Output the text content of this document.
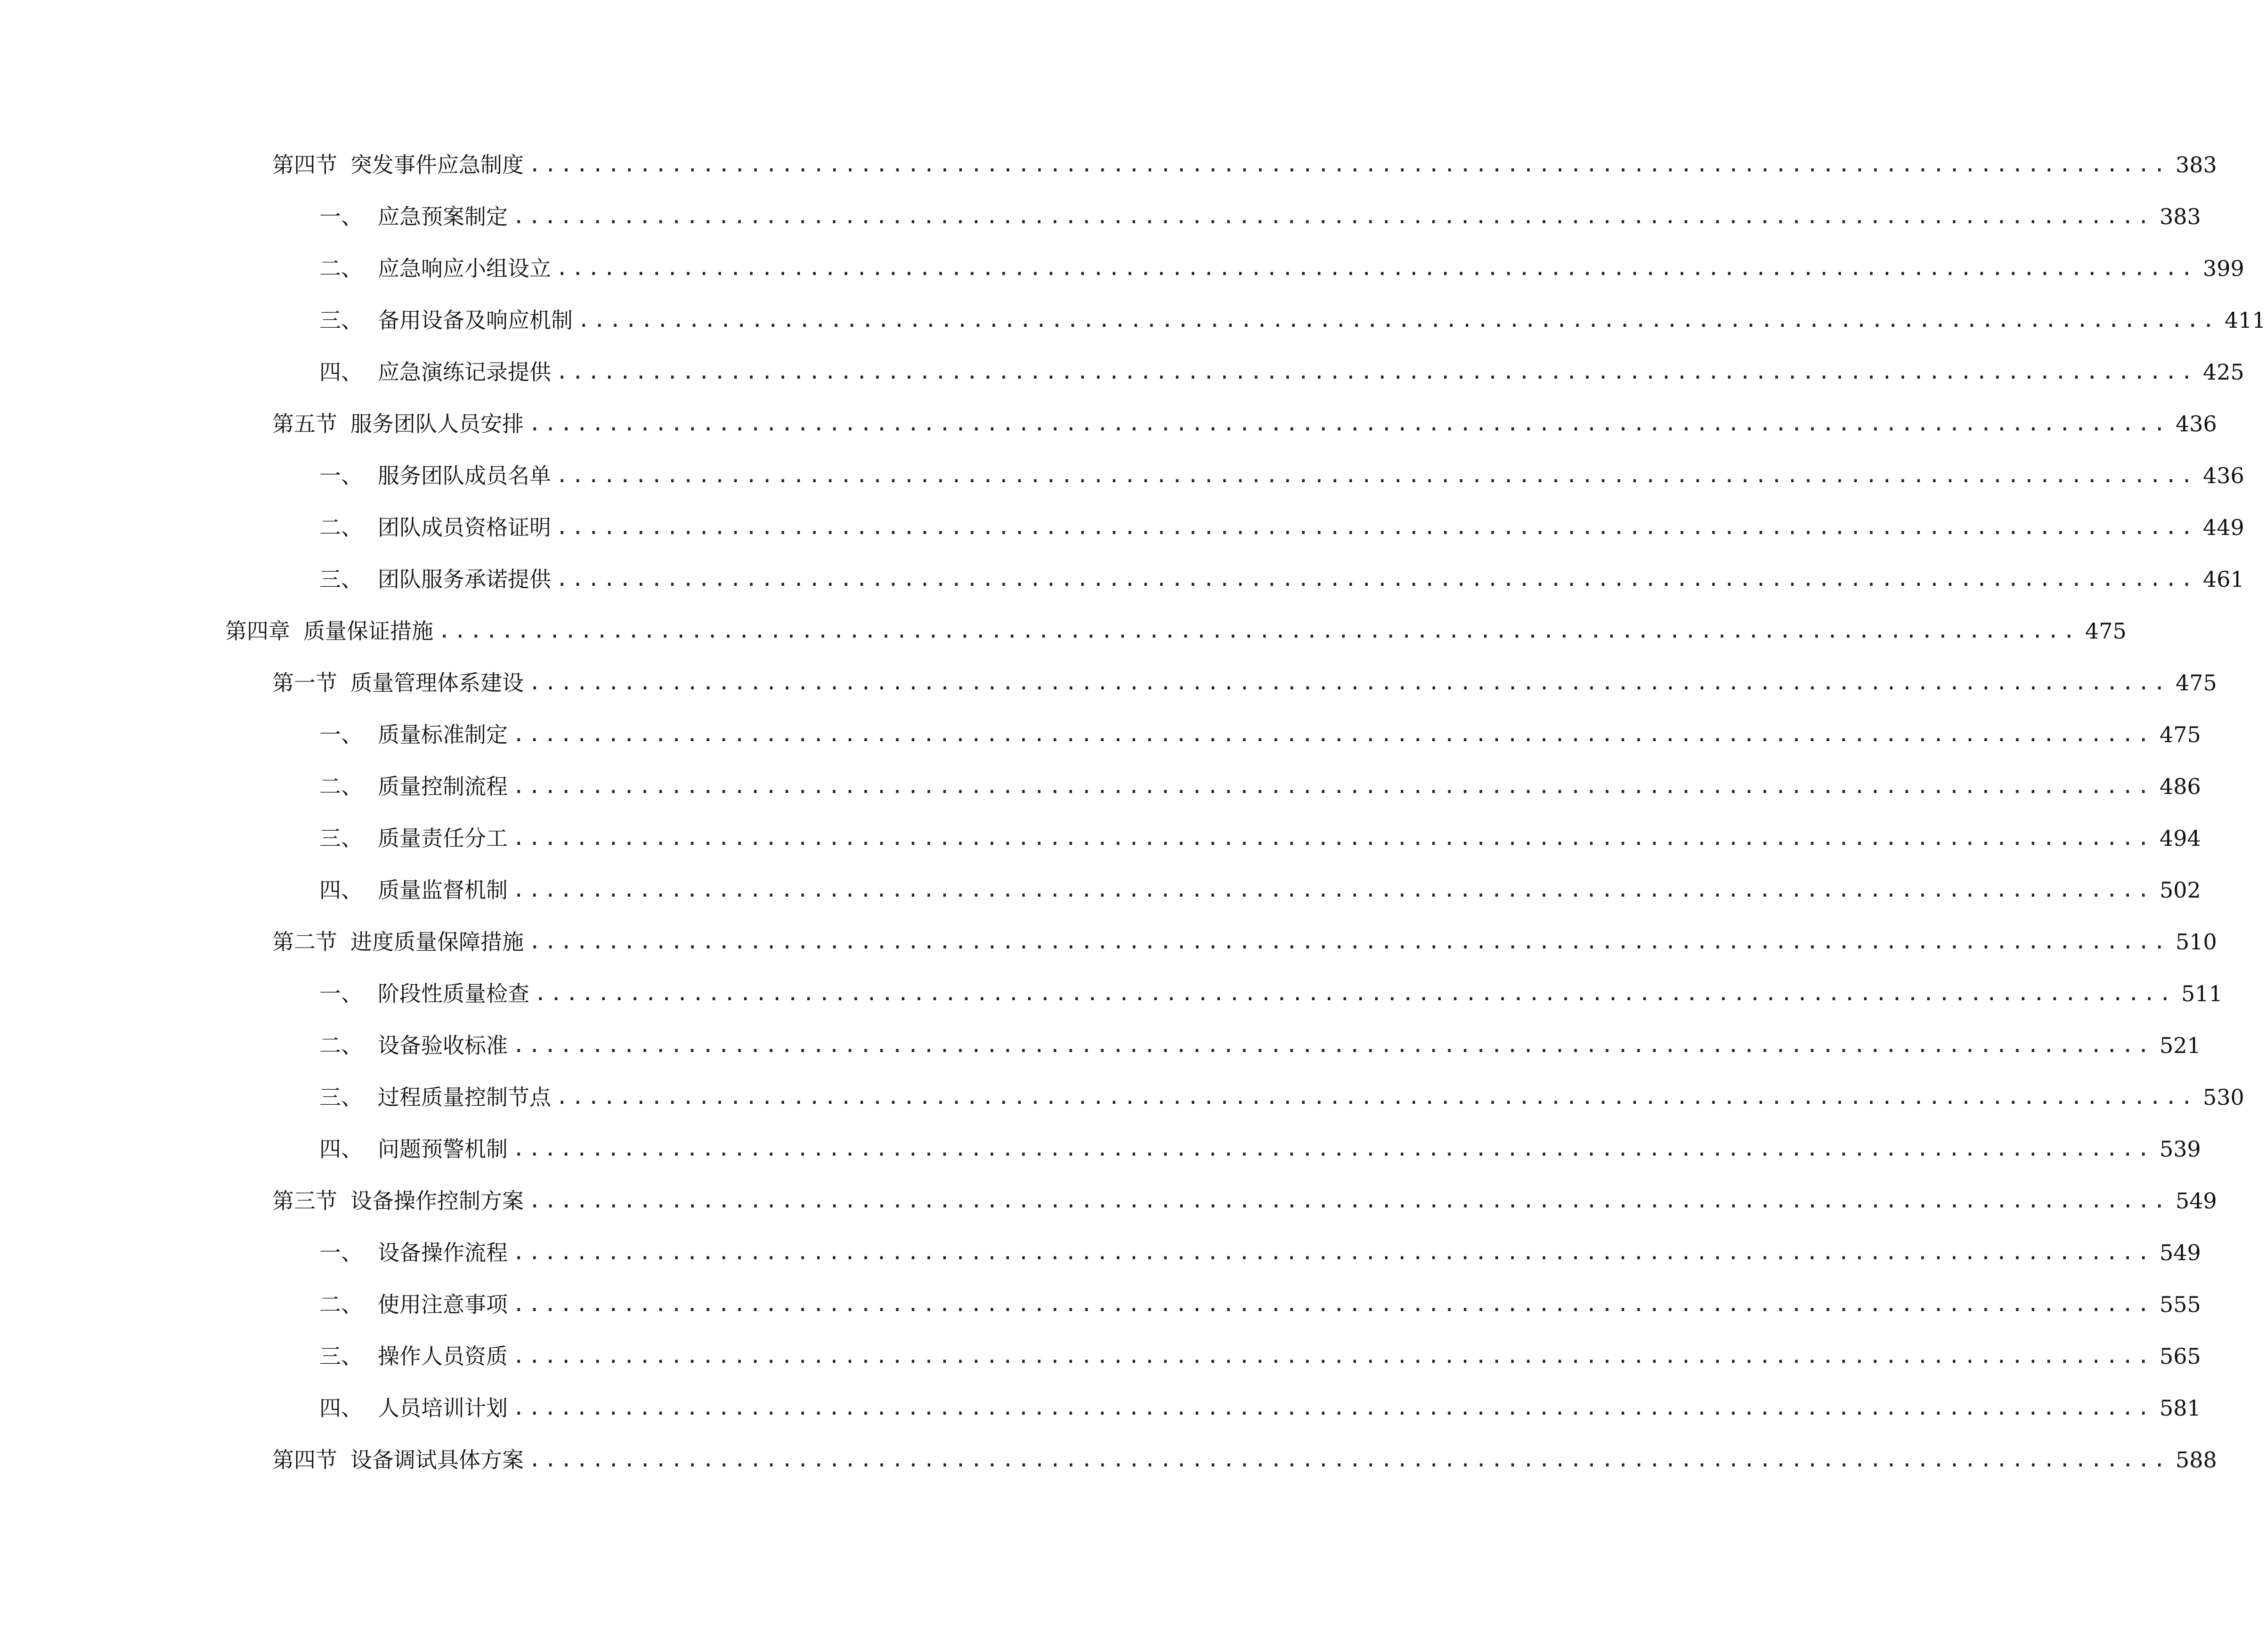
第四节 突发事件应急制度 ........................................................................................................ 383
一、 应急预案制定 ........................................................................................................ 383
二、 应急响应小组设立 ........................................................................................................ 399
三、 备用设备及响应机制 ........................................................................................................ 411
四、 应急演练记录提供 ........................................................................................................ 425
第五节 服务团队人员安排 ........................................................................................................ 436
一、 服务团队成员名单 ........................................................................................................ 436
二、 团队成员资格证明 ........................................................................................................ 449
三、 团队服务承诺提供 ........................................................................................................ 461
第四章 质量保证措施 ........................................................................................................ 475
第一节 质量管理体系建设 ........................................................................................................ 475
一、 质量标准制定 ........................................................................................................ 475
二、 质量控制流程 ........................................................................................................ 486
三、 质量责任分工 ........................................................................................................ 494
四、 质量监督机制 ........................................................................................................ 502
第二节 进度质量保障措施 ........................................................................................................ 510
一、 阶段性质量检查 ........................................................................................................ 511
二、 设备验收标准 ........................................................................................................ 521
三、 过程质量控制节点 ........................................................................................................ 530
四、 问题预警机制 ........................................................................................................ 539
第三节 设备操作控制方案 ........................................................................................................ 549
一、 设备操作流程 ........................................................................................................ 549
二、 使用注意事项 ........................................................................................................ 555
三、 操作人员资质 ........................................................................................................ 565
四、 人员培训计划 ........................................................................................................ 581
第四节 设备调试具体方案 ........................................................................................................ 588
